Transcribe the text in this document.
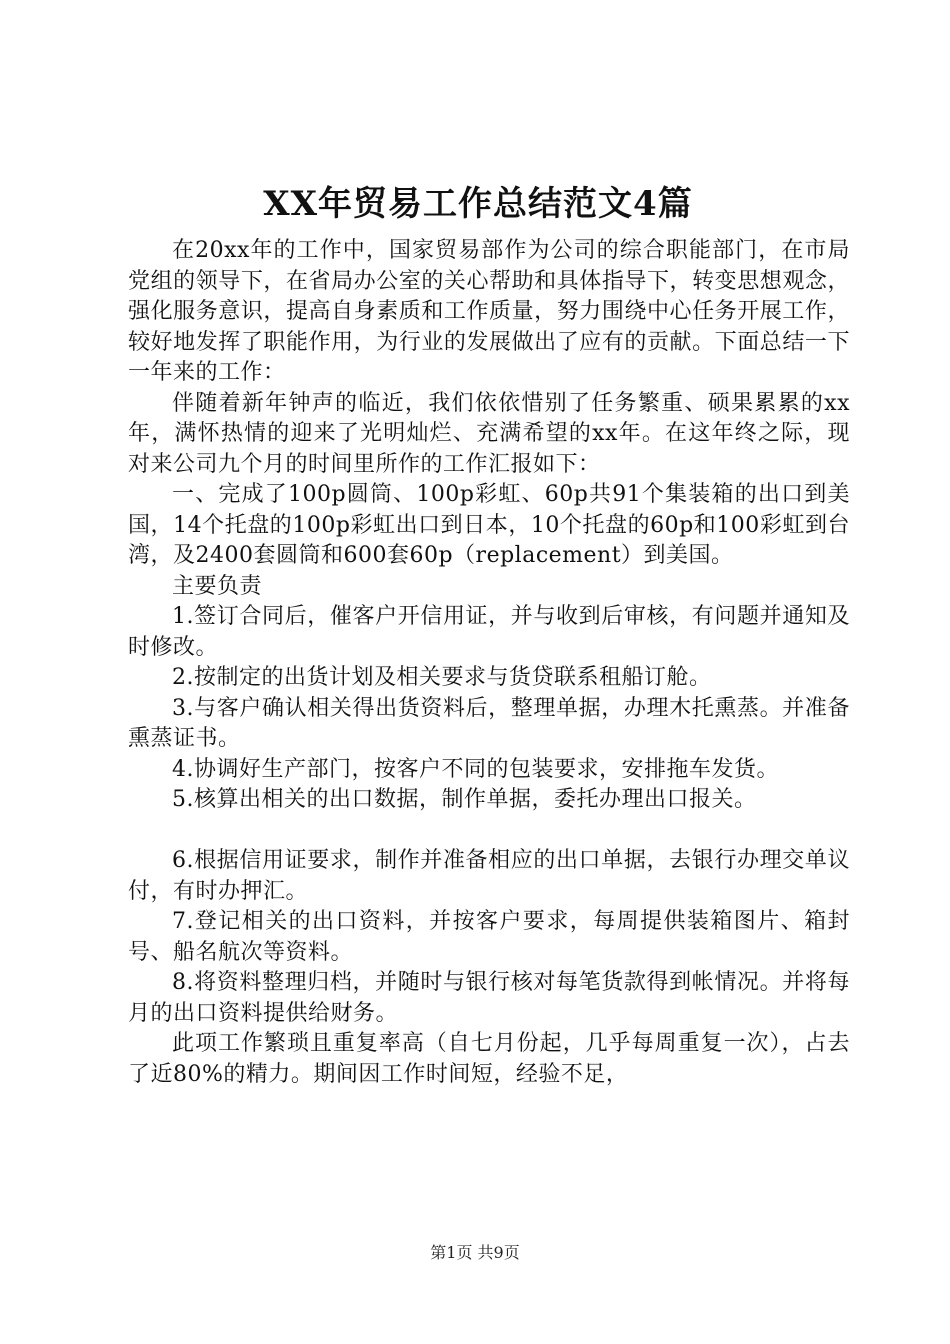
XX年贸易工作总结范文4篇

在20xx年的工作中，国家贸易部作为公司的综合职能部门，在市局党组的领导下，在省局办公室的关心帮助和具体指导下，转变思想观念，强化服务意识，提高自身素质和工作质量，努力围绕中心任务开展工作，较好地发挥了职能作用，为行业的发展做出了应有的贡献。下面总结一下一年来的工作：

伴随着新年钟声的临近，我们依依惜别了任务繁重、硕果累累的xx年，满怀热情的迎来了光明灿烂、充满希望的xx年。在这年终之际，现对来公司九个月的时间里所作的工作汇报如下：

一、完成了100p圆筒、100p彩虹、60p共91个集装箱的出口到美国，14个托盘的100p彩虹出口到日本，10个托盘的60p和100彩虹到台湾，及2400套圆筒和600套60p（replacement）到美国。

主要负责

1.签订合同后，催客户开信用证，并与收到后审核，有问题并通知及时修改。

2.按制定的出货计划及相关要求与货贷联系租船订舱。

3.与客户确认相关得出货资料后，整理单据，办理木托熏蒸。并准备熏蒸证书。

4.协调好生产部门，按客户不同的包装要求，安排拖车发货。

5.核算出相关的出口数据，制作单据，委托办理出口报关。

6.根据信用证要求，制作并准备相应的出口单据，去银行办理交单议付，有时办押汇。

7.登记相关的出口资料，并按客户要求，每周提供装箱图片、箱封号、船名航次等资料。

8.将资料整理归档，并随时与银行核对每笔货款得到帐情况。并将每月的出口资料提供给财务。

此项工作繁琐且重复率高（自七月份起，几乎每周重复一次），占去了近80%的精力。期间因工作时间短，经验不足，

第1页 共9页
